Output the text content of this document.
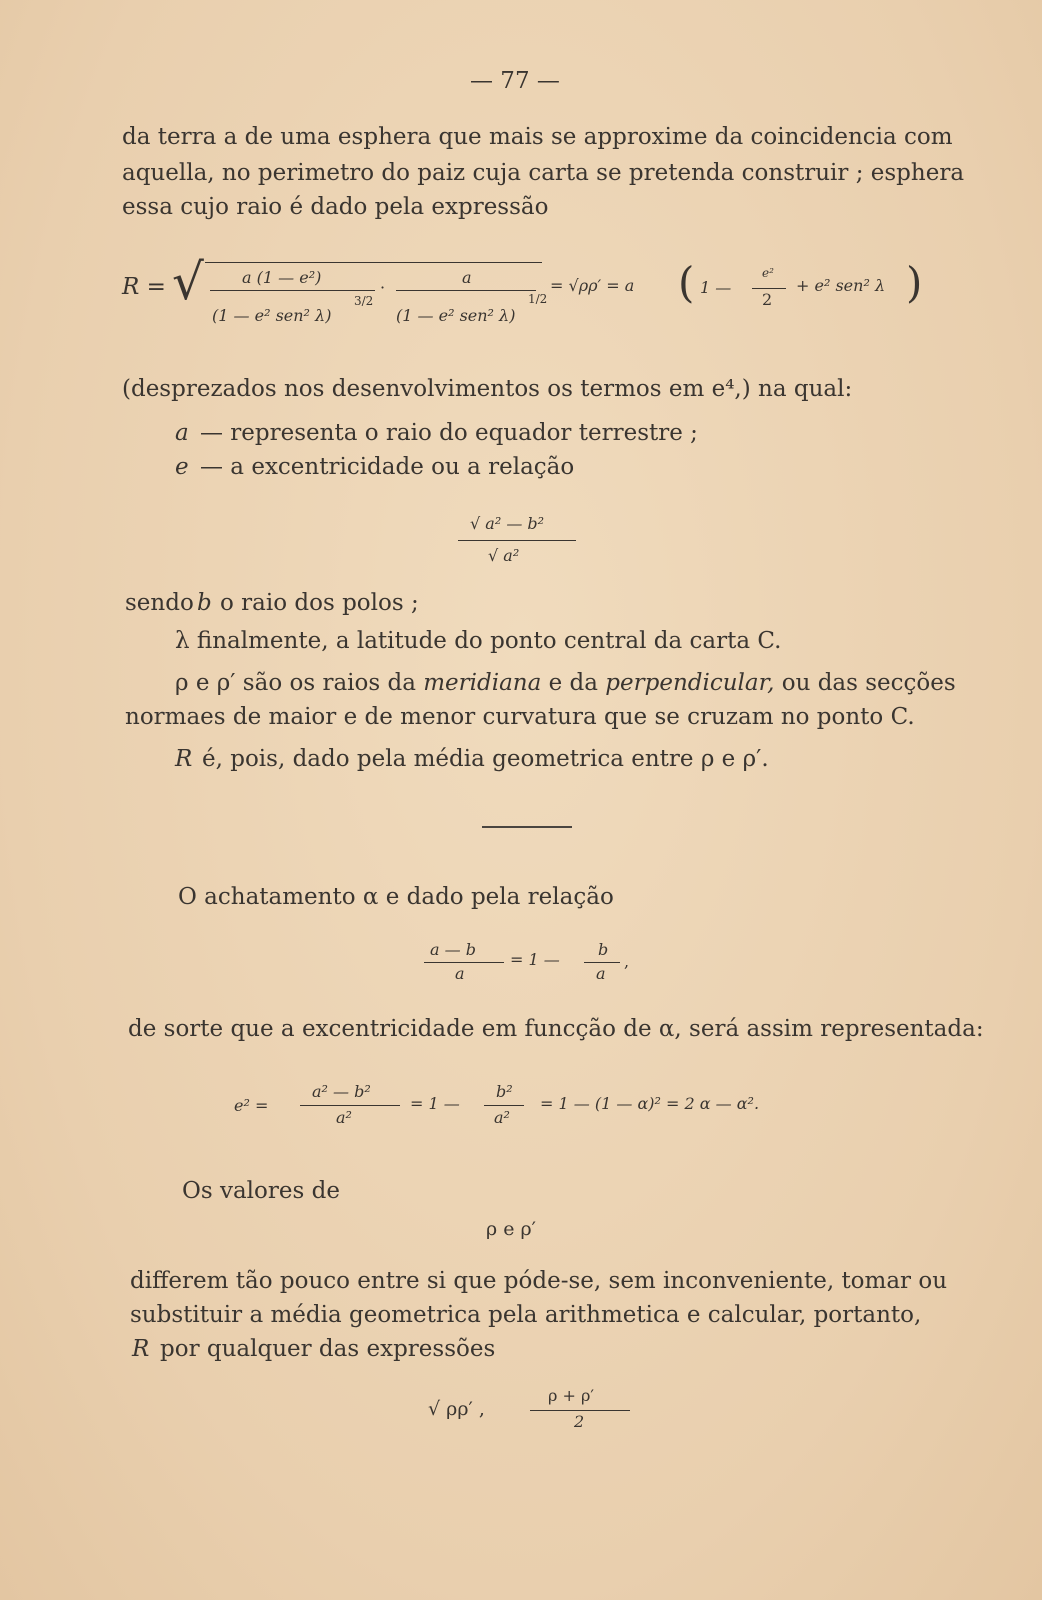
— 77 —
da terra a de uma esphera que mais se approxime da coincidencia com
aquella, no perimetro do paiz cuja carta se pretenda construir ; esphera
essa cujo raio é dado pela expressão
R = √ a (1 — e²)
(1 — e² sen² λ)
3/2
·
a
(1 — e² sen² λ)
1/2
= √ρρ′ = a ( 1 —
e²
2
+ e² sen² λ )
(desprezados nos desenvolvimentos os termos em e⁴,) na qual:
a — representa o raio do equador terrestre ;
e — a excentricidade ou a relação
√ a² — b²
√ a²
sendo b o raio dos polos ;
λ finalmente, a latitude do ponto central da carta C.
ρ e ρ′ são os raios da meridiana e da perpendicular, ou das secções
normaes de maior e de menor curvatura que se cruzam no ponto C.
R é, pois, dado pela média geometrica entre ρ e ρ′.
O achatamento α e dado pela relação
a — b
a
= 1 —
b
a
,
de sorte que a excentricidade em funcção de α, será assim representada:
e² =
a² — b²
a²
= 1 —
b²
a²
= 1 — (1 — α)² = 2 α — α².
Os valores de
ρ e ρ′
differem tão pouco entre si que póde-se, sem inconveniente, tomar ou
substituir a média geometrica pela arithmetica e calcular, portanto,
R por qualquer das expressões
√ ρρ′ ,
ρ + ρ′
2
